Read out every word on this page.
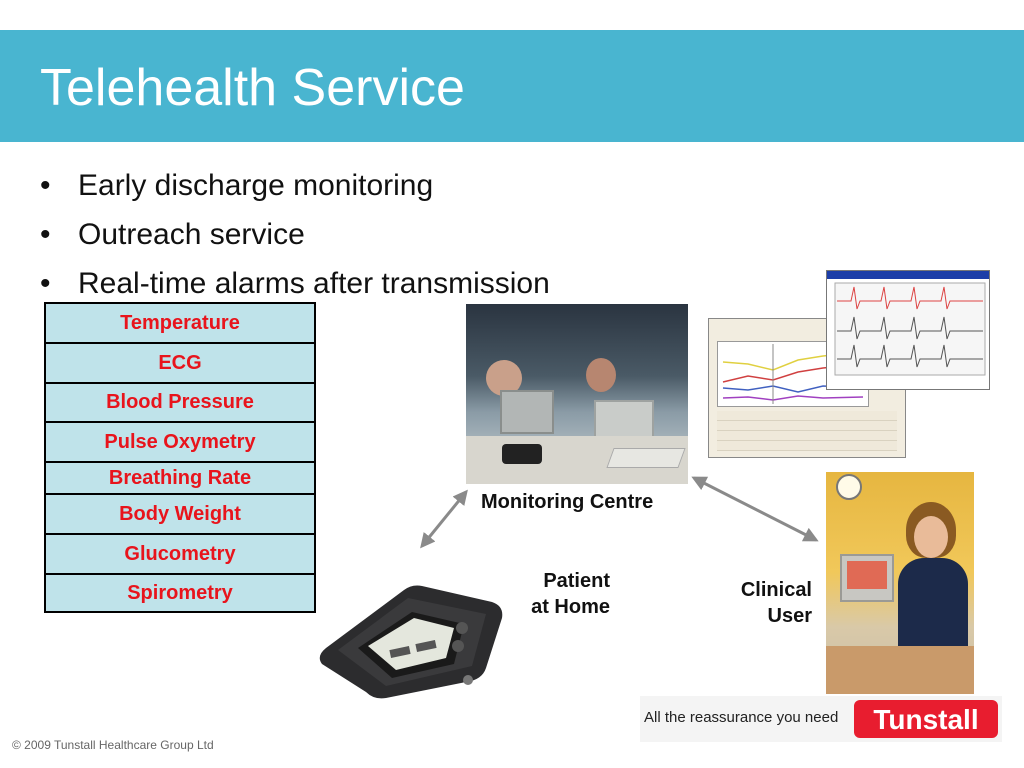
Telehealth Service
• Early discharge monitoring
• Outreach service
• Real-time alarms after transmission
Temperature
ECG
Blood Pressure
Pulse Oxymetry
Breathing Rate
Body Weight
Glucometry
Spirometry
Monitoring Centre
Patient
at Home
Clinical
User
All the reassurance you need	Tunstall
© 2009 Tunstall Healthcare Group Ltd
